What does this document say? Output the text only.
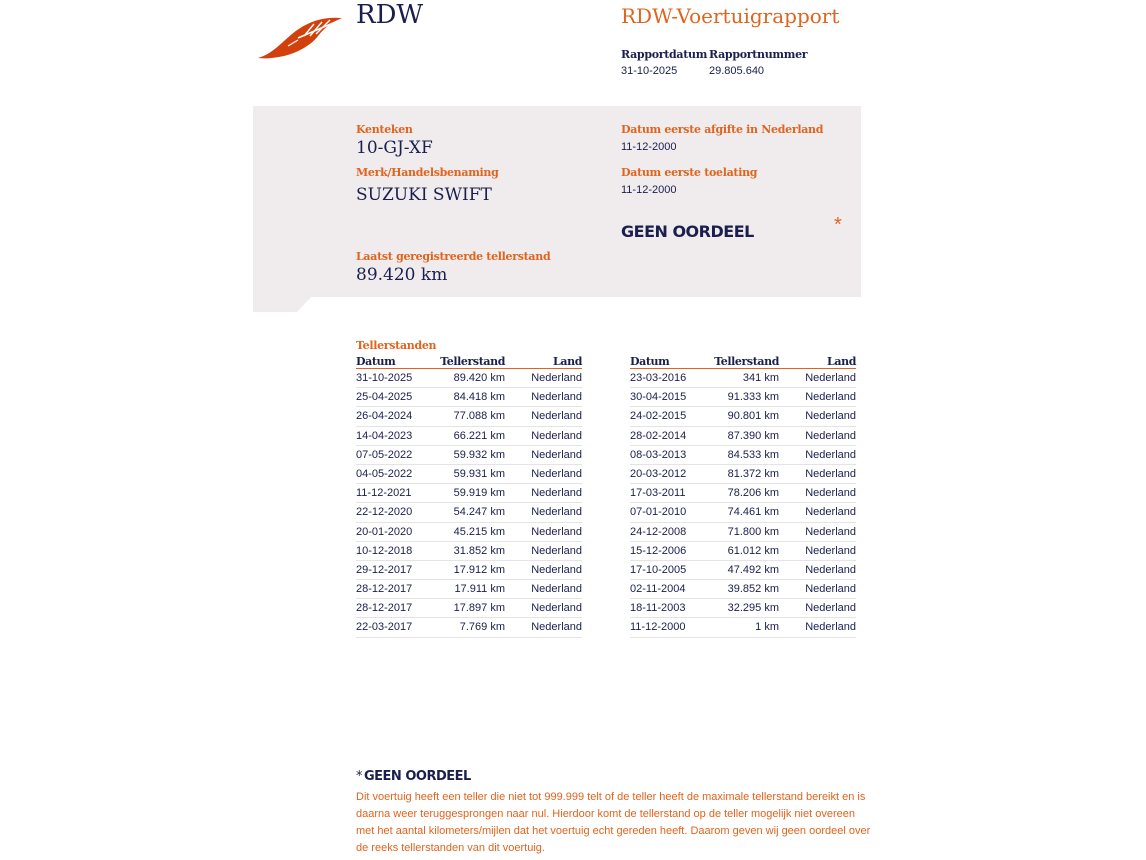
RDW	RDW-Voertuigrapport
Rapportdatum
31-10-2025
Rapportnummer
29.805.640
Kenteken
10-GJ-XF
Merk/Handelsbenaming
SUZUKI SWIFT
Datum eerste afgifte in Nederland
11-12-2000
Datum eerste toelating
11-12-2000
GEEN OORDEEL	*
Laatst geregistreerde tellerstand
89.420 km
Tellerstanden
Datum	Tellerstand	Land
31-10-2025	89.420 km	Nederland
25-04-2025	84.418 km	Nederland
26-04-2024	77.088 km	Nederland
14-04-2023	66.221 km	Nederland
07-05-2022	59.932 km	Nederland
04-05-2022	59.931 km	Nederland
11-12-2021	59.919 km	Nederland
22-12-2020	54.247 km	Nederland
20-01-2020	45.215 km	Nederland
10-12-2018	31.852 km	Nederland
29-12-2017	17.912 km	Nederland
28-12-2017	17.911 km	Nederland
28-12-2017	17.897 km	Nederland
22-03-2017	7.769 km	Nederland
Datum	Tellerstand	Land
23-03-2016	341 km	Nederland
30-04-2015	91.333 km	Nederland
24-02-2015	90.801 km	Nederland
28-02-2014	87.390 km	Nederland
08-03-2013	84.533 km	Nederland
20-03-2012	81.372 km	Nederland
17-03-2011	78.206 km	Nederland
07-01-2010	74.461 km	Nederland
24-12-2008	71.800 km	Nederland
15-12-2006	61.012 km	Nederland
17-10-2005	47.492 km	Nederland
02-11-2004	39.852 km	Nederland
18-11-2003	32.295 km	Nederland
11-12-2000	1 km	Nederland
* GEEN OORDEEL
Dit voertuig heeft een teller die niet tot 999.999 telt of de teller heeft de maximale tellerstand bereikt en is daarna weer teruggesprongen naar nul. Hierdoor komt de tellerstand op de teller mogelijk niet overeen met het aantal kilometers/mijlen dat het voertuig echt gereden heeft. Daarom geven wij geen oordeel over de reeks tellerstanden van dit voertuig.
